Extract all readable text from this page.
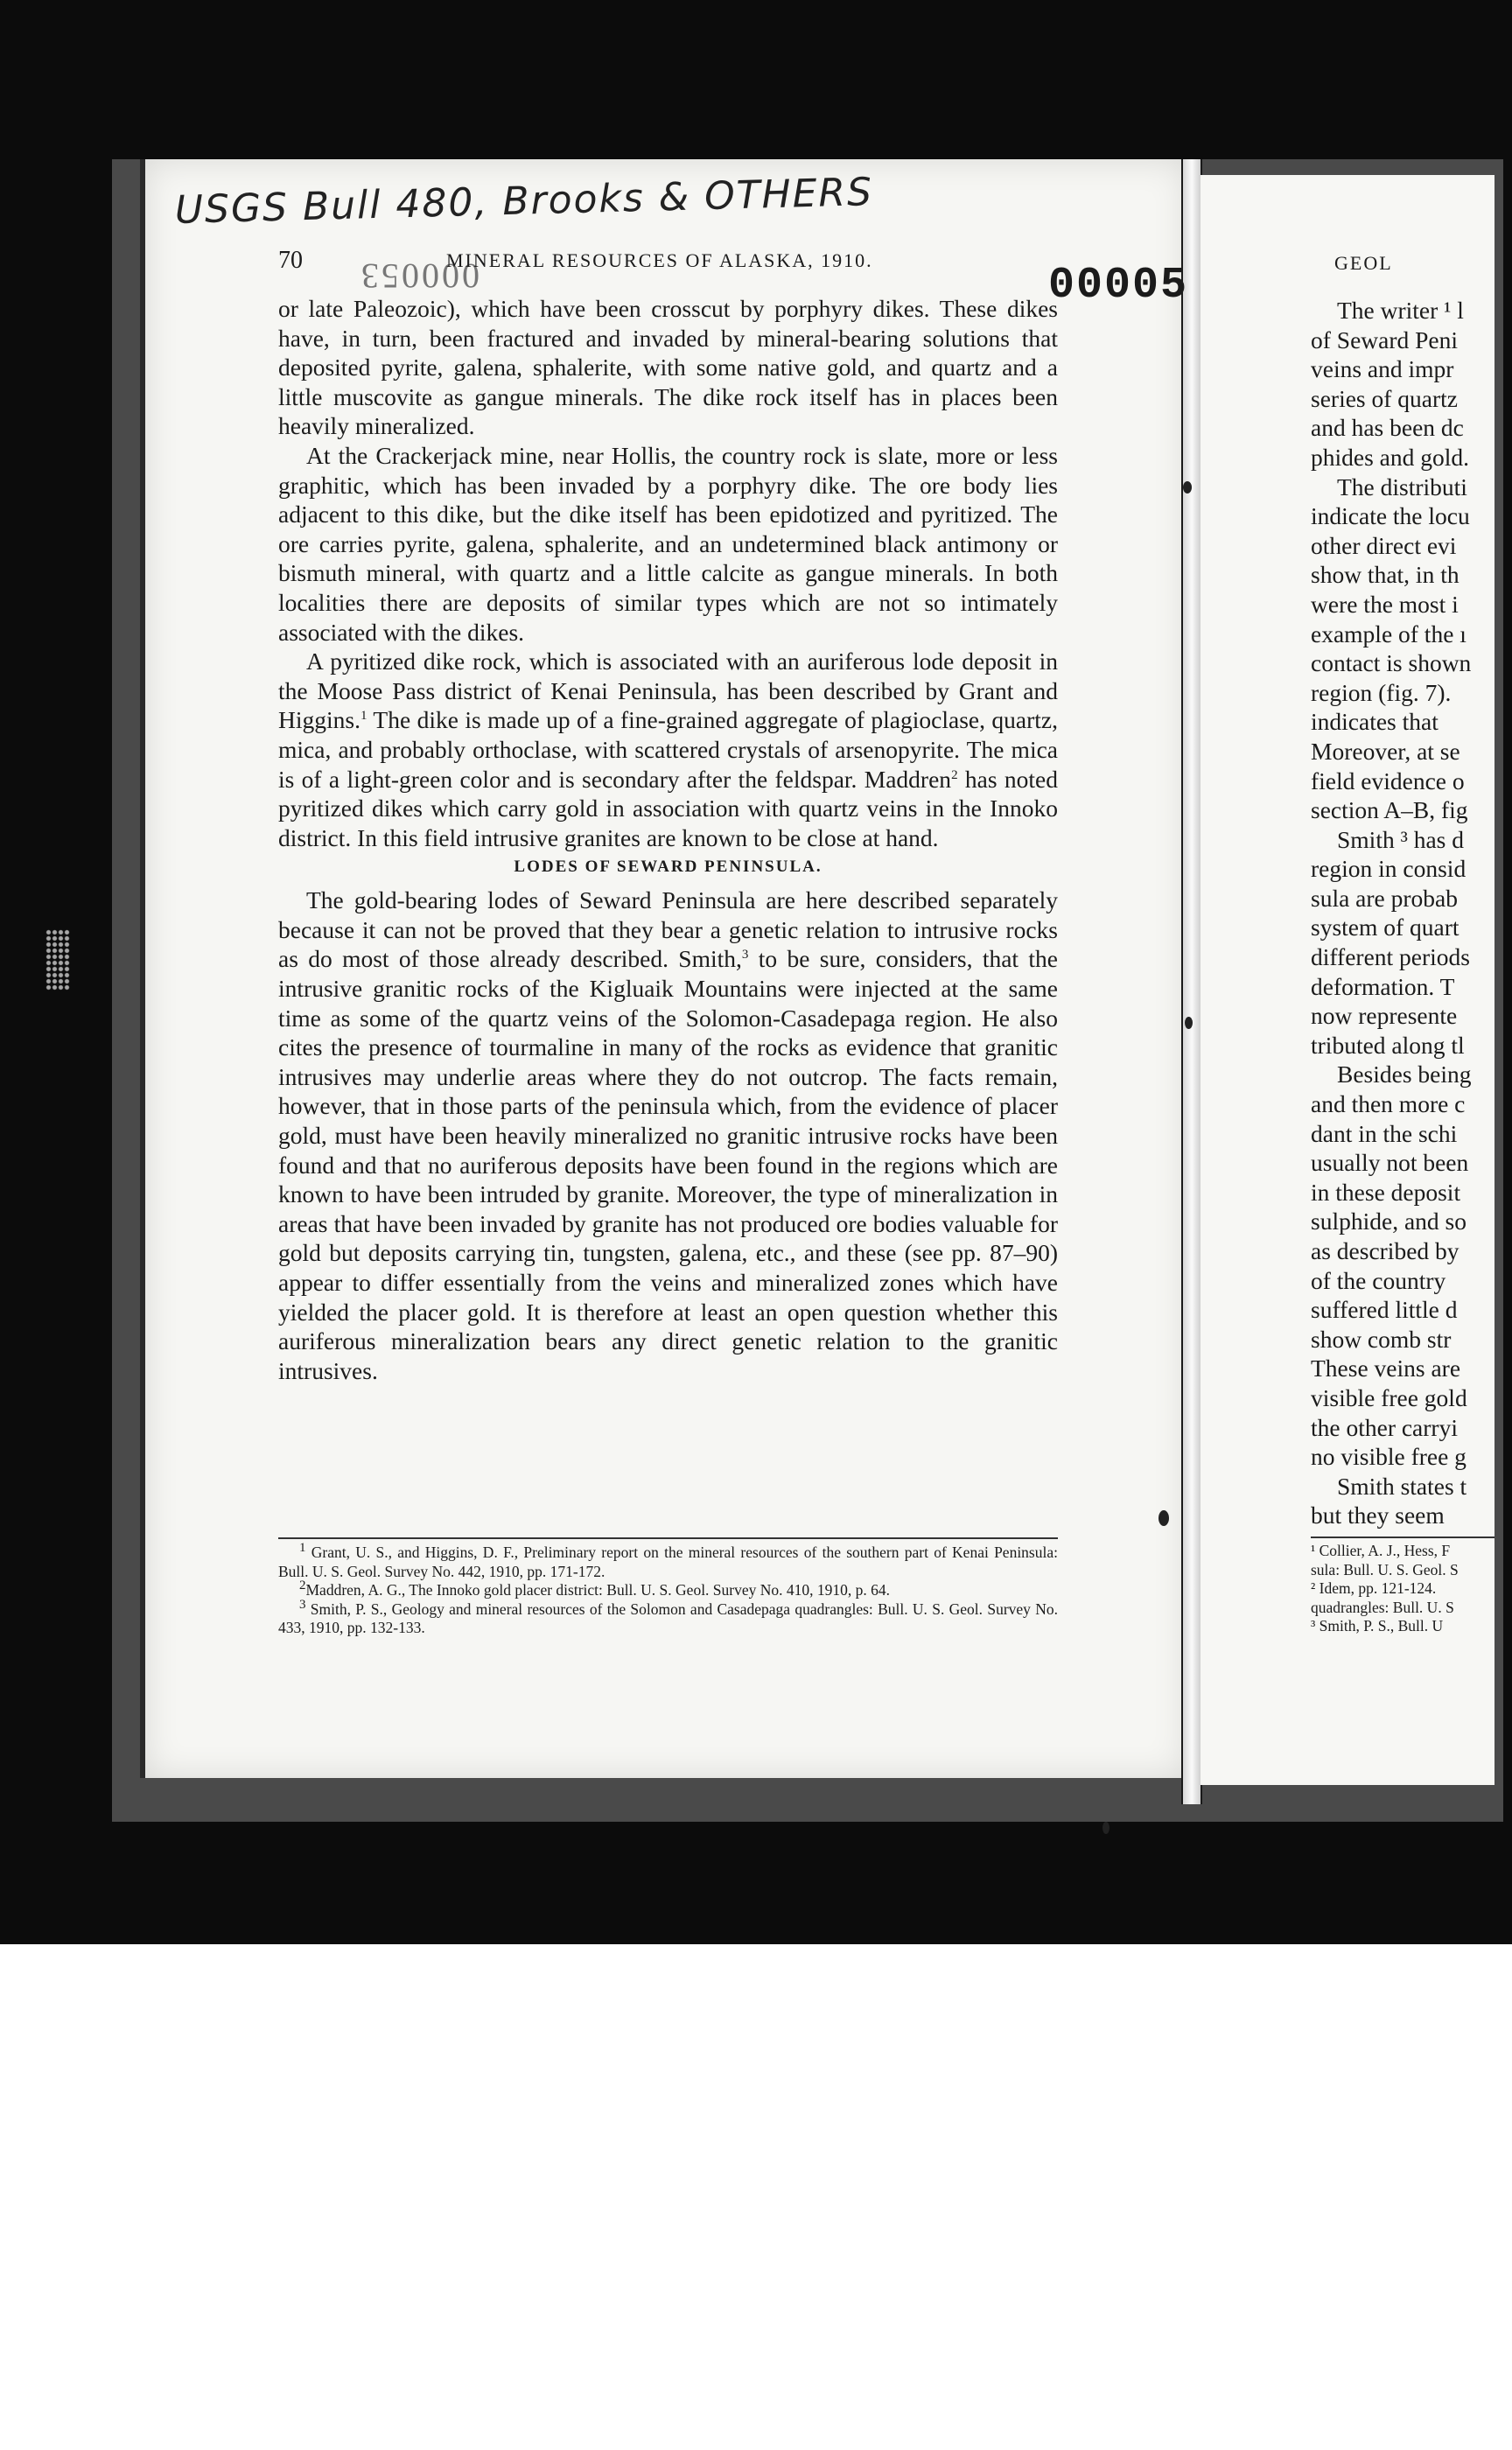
GEOL
The writer ¹ l
of Seward Peni
veins and impr
series of quartz
and has been dc
phides and gold.
The distributi
indicate the locu
other direct evi
show that, in th
were the most i
example of the ı
contact is shown
region (fig. 7).
indicates that
Moreover, at se
field evidence o
section A–B, fig
Smith ³ has d
region in consid
sula are probab
system of quart
different periods
deformation. T
now represente
tributed along tl
Besides being
and then more c
dant in the schi
usually not been
in these deposit
sulphide, and so
as described by
of the country
suffered little d
show comb str
These veins are
visible free gold
the other carryi
no visible free g
Smith states t
but they seem
¹ Collier, A. J., Hess, F
sula: Bull. U. S. Geol. S
² Idem, pp. 121-124.
quadrangles: Bull. U. S
³ Smith, P. S., Bull. U
USGS Bull 480, Brooks & OTHERS
70 000053
MINERAL RESOURCES OF ALASKA, 1910.
00005

or late Paleozoic), which have been crosscut by porphyry dikes. These dikes have, in turn, been fractured and invaded by mineral-bearing solutions that deposited pyrite, galena, sphalerite, with some native gold, and quartz and a little muscovite as gangue minerals. The dike rock itself has in places been heavily mineralized.

At the Crackerjack mine, near Hollis, the country rock is slate, more or less graphitic, which has been invaded by a porphyry dike. The ore body lies adjacent to this dike, but the dike itself has been epidotized and pyritized. The ore carries pyrite, galena, sphalerite, and an undetermined black antimony or bismuth mineral, with quartz and a little calcite as gangue minerals. In both localities there are deposits of similar types which are not so intimately associated with the dikes.

A pyritized dike rock, which is associated with an auriferous lode deposit in the Moose Pass district of Kenai Peninsula, has been described by Grant and Higgins.$^1$ The dike is made up of a fine-grained aggregate of plagioclase, quartz, mica, and probably orthoclase, with scattered crystals of arsenopyrite. The mica is of a light-green color and is secondary after the feldspar. Maddren$^2$ has noted pyritized dikes which carry gold in association with quartz veins in the Innoko district. In this field intrusive granites are known to be close at hand.

LODES OF SEWARD PENINSULA.

The gold-bearing lodes of Seward Peninsula are here described separately because it can not be proved that they bear a genetic relation to intrusive rocks as do most of those already described. Smith,$^3$ to be sure, considers, that the intrusive granitic rocks of the Kigluaik Mountains were injected at the same time as some of the quartz veins of the Solomon-Casadepaga region. He also cites the presence of tourmaline in many of the rocks as evidence that granitic intrusives may underlie areas where they do not outcrop. The facts remain, however, that in those parts of the peninsula which, from the evidence of placer gold, must have been heavily mineralized no granitic intrusive rocks have been found and that no auriferous deposits have been found in the regions which are known to have been intruded by granite. Moreover, the type of mineralization in areas that have been invaded by granite has not produced ore bodies valuable for gold but deposits carrying tin, tungsten, galena, etc., and these (see pp. 87–90) appear to differ essentially from the veins and mineralized zones which have yielded the placer gold. It is therefore at least an open question whether this auriferous mineralization bears any direct genetic relation to the granitic intrusives.

$^1$ Grant, U. S., and Higgins, D. F., Preliminary report on the mineral resources of the southern part of Kenai Peninsula: Bull. U. S. Geol. Survey No. 442, 1910, pp. 171-172.

$^2$Maddren, A. G., The Innoko gold placer district: Bull. U. S. Geol. Survey No. 410, 1910, p. 64.

$^3$ Smith, P. S., Geology and mineral resources of the Solomon and Casadepaga quadrangles: Bull. U. S. Geol. Survey No. 433, 1910, pp. 132-133.
